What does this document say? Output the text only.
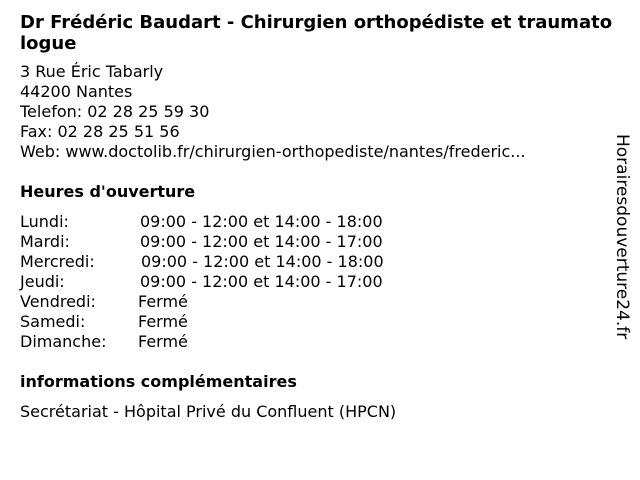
Dr Frédéric Baudart - Chirurgien orthopédiste et traumatologue
3 Rue Éric Tabarly
44200 Nantes
Telefon: 02 28 25 59 30
Fax: 02 28 25 51 56
Web: www.doctolib.fr/chirurgien-orthopediste/nantes/frederic...
Heures d'ouverture
Lundi:	09:00 - 12:00 et 14:00 - 18:00
Mardi:	09:00 - 12:00 et 14:00 - 17:00
Mercredi:	09:00 - 12:00 et 14:00 - 18:00
Jeudi:	09:00 - 12:00 et 14:00 - 17:00
Vendredi:	Fermé
Samedi:	Fermé
Dimanche:	Fermé
informations complémentaires
Secrétariat - Hôpital Privé du Confluent (HPCN)
Horairesdouverture24.fr
